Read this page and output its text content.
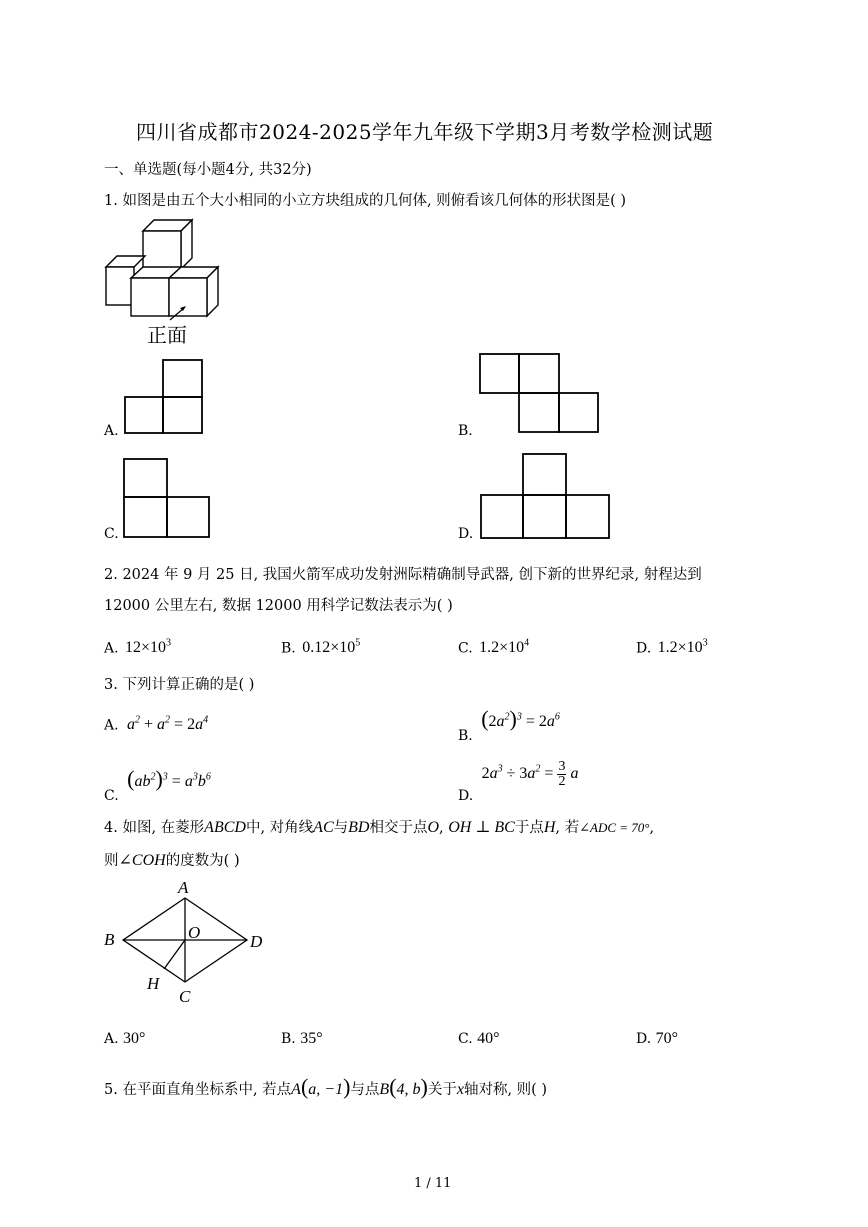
四川省成都市2024-2025学年九年级下学期3月考数学检测试题
一、单选题(每小题4分, 共32分)
1. 如图是由五个大小相同的小立方块组成的几何体, 则俯看该几何体的形状图是( )
正面
A.	B.
C.	D.
2. 2024 年 9 月 25 日, 我国火箭军成功发射洲际精确制导武器, 创下新的世界纪录, 射程达到
12000 公里左右, 数据 12000 用科学记数法表示为( )
A. $12\times 10^3$	B. $0.12\times 10^5$	C. $1.2\times 10^4$	D. $1.2\times 10^3$
3. 下列计算正确的是( )
A. $a^2 + a^2 = 2a^4$
B. $(2a^2)^3 = 2a^6$
C. $(ab^2)^3 = a^3b^6$
D. $2a^3 \div 3a^2 = \frac{3}{2}$ a
4. 如图, 在菱形ABCD中, 对角线AC与BD相交于点O, OH ⊥ BC于点H, 若∠ADC = 70°,
则∠COH的度数为( )
A
B	D
C
O
H
A. 30°	B. 35°	C. 40°	D. 70°
5. 在平面直角坐标系中, 若点A(a, −1)与点B(4, b)关于x轴对称, 则( )
1 / 11
